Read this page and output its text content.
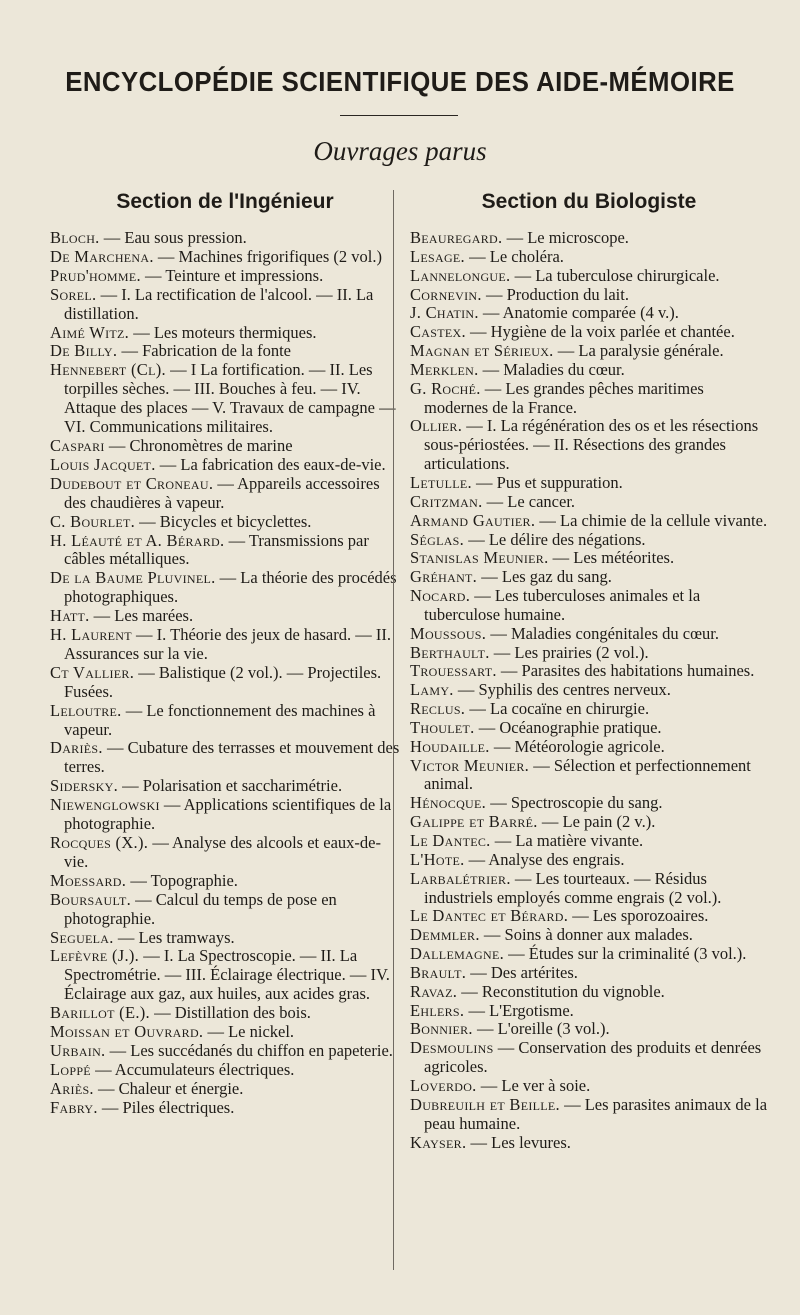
ENCYCLOPÉDIE SCIENTIFIQUE DES AIDE-MÉMOIRE
Ouvrages parus
Section de l'Ingénieur
Bloch. — Eau sous pression.
De Marchena. — Machines frigorifiques (2 vol.)
Prud'homme. — Teinture et impressions.
Sorel. — I. La rectification de l'alcool. — II. La distillation.
Aimé Witz. — Les moteurs thermiques.
De Billy. — Fabrication de la fonte
Hennebert (Cl). — I La fortification. — II. Les torpilles sèches. — III. Bouches à feu. — IV. Attaque des places — V. Travaux de campagne — VI. Communications militaires.
Caspari — Chronomètres de marine
Louis Jacquet. — La fabrication des eaux-de-vie.
Dudebout et Croneau. — Appareils accessoires des chaudières à vapeur.
C. Bourlet. — Bicycles et bicyclettes.
H. Léauté et A. Bérard. — Transmissions par câbles métalliques.
De la Baume Pluvinel. — La théorie des procédés photographiques.
Hatt. — Les marées.
H. Laurent — I. Théorie des jeux de hasard. — II. Assurances sur la vie.
Ct Vallier. — Balistique (2 vol.). — Projectiles. Fusées.
Leloutre. — Le fonctionnement des machines à vapeur.
Dariès. — Cubature des terrasses et mouvement des terres.
Sidersky. — Polarisation et saccharimétrie.
Niewenglowski — Applications scientifiques de la photographie.
Rocques (X.). — Analyse des alcools et eaux-de-vie.
Moessard. — Topographie.
Boursault. — Calcul du temps de pose en photographie.
Seguela. — Les tramways.
Lefèvre (J.). — I. La Spectroscopie. — II. La Spectrométrie. — III. Éclairage électrique. — IV. Éclairage aux gaz, aux huiles, aux acides gras.
Barillot (E.). — Distillation des bois.
Moissan et Ouvrard. — Le nickel.
Urbain. — Les succédanés du chiffon en papeterie.
Loppé — Accumulateurs électriques.
Ariès. — Chaleur et énergie.
Fabry. — Piles électriques.
Section du Biologiste
Beauregard. — Le microscope.
Lesage. — Le choléra.
Lannelongue. — La tuberculose chirurgicale.
Cornevin. — Production du lait.
J. Chatin. — Anatomie comparée (4 v.).
Castex. — Hygiène de la voix parlée et chantée.
Magnan et Sérieux. — La paralysie générale.
Merklen. — Maladies du cœur.
G. Roché. — Les grandes pêches maritimes modernes de la France.
Ollier. — I. La régénération des os et les résections sous-périostées. — II. Résections des grandes articulations.
Letulle. — Pus et suppuration.
Critzman. — Le cancer.
Armand Gautier. — La chimie de la cellule vivante.
Séglas. — Le délire des négations.
Stanislas Meunier. — Les météorites.
Gréhant. — Les gaz du sang.
Nocard. — Les tuberculoses animales et la tuberculose humaine.
Moussous. — Maladies congénitales du cœur.
Berthault. — Les prairies (2 vol.).
Trouessart. — Parasites des habitations humaines.
Lamy. — Syphilis des centres nerveux.
Reclus. — La cocaïne en chirurgie.
Thoulet. — Océanographie pratique.
Houdaille. — Météorologie agricole.
Victor Meunier. — Sélection et perfectionnement animal.
Hénocque. — Spectroscopie du sang.
Galippe et Barré. — Le pain (2 v.).
Le Dantec. — La matière vivante.
L'Hote. — Analyse des engrais.
Larbalétrier. — Les tourteaux. — Résidus industriels employés comme engrais (2 vol.).
Le Dantec et Bérard. — Les sporozoaires.
Demmler. — Soins à donner aux malades.
Dallemagne. — Études sur la criminalité (3 vol.).
Brault. — Des artérites.
Ravaz. — Reconstitution du vignoble.
Ehlers. — L'Ergotisme.
Bonnier. — L'oreille (3 vol.).
Desmoulins — Conservation des produits et denrées agricoles.
Loverdo. — Le ver à soie.
Dubreuilh et Beille. — Les parasites animaux de la peau humaine.
Kayser. — Les levures.
